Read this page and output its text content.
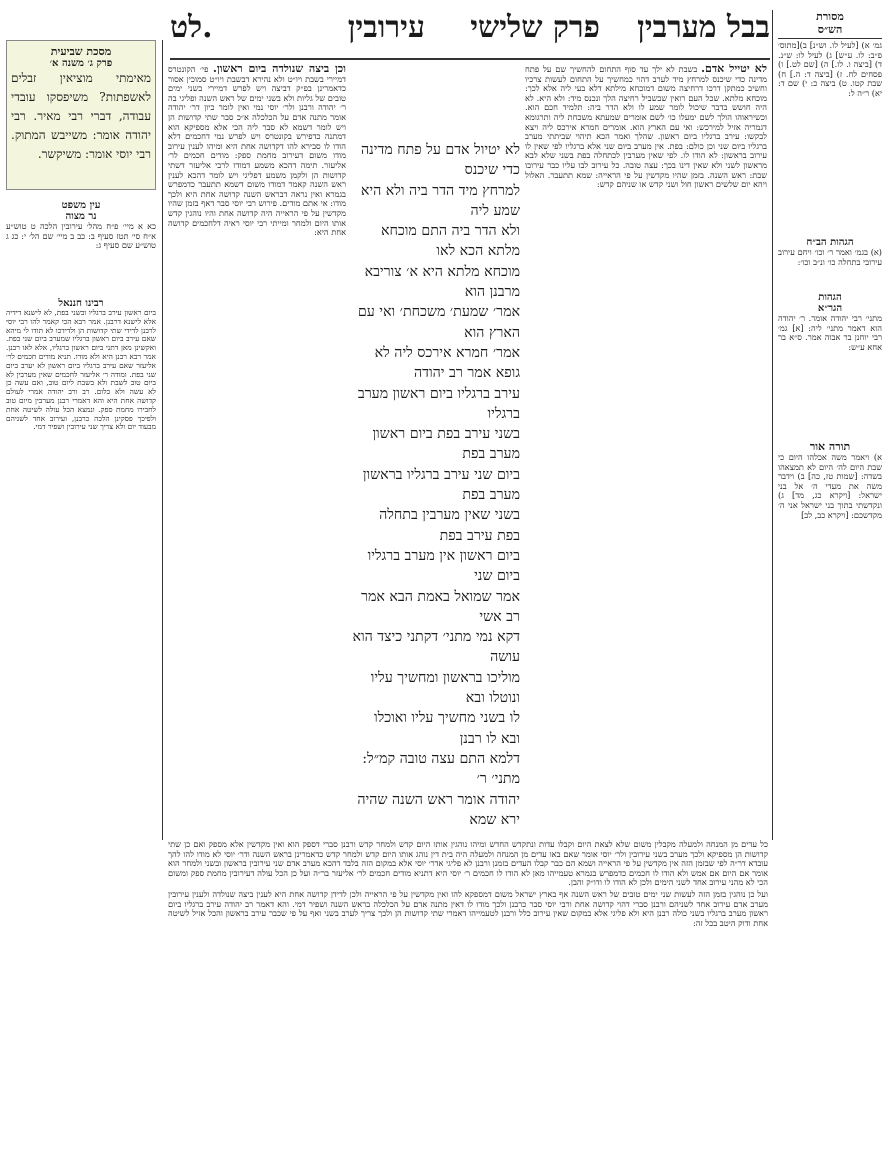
בבל מערבין
פרק שלישי
עירובין
לט.	מסורת
הש״ס

גמ׳ א) [לעיל לו. וש״נ] ב)[מתוס׳ פ״ב: לו. ע״ש] ג) לעיל לו: ש״נ. ד) [ביצה ו. לו.] ה) [שם לט.] ו) פסחים לח. ז) [ביצה ד: ה.] ח) שבת קטו. ט) ביצה כ: י) שם ד: יא) ר״ה ל:

הגהות הב״ח

(א) בגמ׳ ואמר ר׳ וכו׳ ויחם עירוב עירובי בתחלה כו׳ ונ״ב וכו׳:

הגהות
הגר״א

מתני׳ רבי יהודה אומר. ר׳ יהודה הוא דאמר מתני׳ ליה: [א] גמ׳ רבי יוחנן בר אבוה אמר. ס״א בר אחא ע״ש:

תורה אור

א) ויאמר משה אכלהו היום כי שבת היום לה׳ היום לא תמצאהו בשדה: [שמות טז, כה] ב) וידבר משה את מעדי ה׳ אל בני ישראל: [ויקרא כג, מד] ג) ונקדשתי בתוך בני ישראל אני ה׳ מקדשכם: [ויקרא כב, לב]

מסכת שביעית
פרק ג׳ משנה א׳

מאימתי מוציאין זבלים לאשפתות? משיפסקו עובדי עבודה, דברי רבי מאיר. רבי יהודה אומר: משייבש המתוק. רבי יוסי אומר: משיקשר.

עין משפט
נר מצוה

כא א מיי׳ פ״ח מהל׳ עירובין הלכה ט טוש״ע א״ח סי׳ תטז סעיף ב: כב ב מיי׳ שם הל׳ י: כג ג טוש״ע שם סעיף ג:

רבינו חננאל

ביום ראשון עירב ברגליו ובשני בפת, לא לישנא דידיה אלא לישנא דרבנן. אמר רבא הכי קאמר להו רבי יוסי לרבנן לדידי שתי קדושות הן ולדידכו לא תודו לי מיהא שאם עירב ביום ראשון ברגליו שמערב ביום שני בפת. ואקשינן מאן דתני ביום ראשון ברגליו, אלא לאו רבנן. אמר רבא רבנן היא ולא מודו. תניא מודים חכמים לר׳ אליעזר שאם עירב ברגליו ביום ראשון לא יערב ביום שני בפת. ומודה ר׳ אליעזר לחכמים שאין מערבין לא ביום טוב לשבת ולא בשבת ליום טוב, ואם עשה כן לא עשה ולא כלום. רב ורב יהודה אמרי לעולם קדושה אחת היא והא דאמרי רבנן מערבין מיום טוב לחבירו מחמת ספק. ונמצא הכל עולה לשיטה אחת ולפיכך פסקינן הלכה כרבנן, ועירוב אחד לשניהם מבעוד יום ולא צריך שני עירובין ושפיר דמי.

לא יטייל אדם. בשבת לא ילך עד סוף התחום להחשיך שם על פתח מדינה כדי שיכנס למרחץ מיד לערב דהוי כמחשיך על התחום לעשות צרכיו וחשיב כמתקן דרכו דרחיצה משום דמוכחא מילתא דלא בעי ליה אלא לכך: מוכחא מלתא. שכל העם רואין שבשביל רחיצה הלך ונכנס מיד: ולא היא. לא היה חושש בדבר שיכול לומר שמע לו ולא הדר ביה: תלמיד חכם הוא. וכשיראוהו הולך לשם ימעלו כו׳ לשם אומרים שמעתא משכחת ליה ותרגומא דגמריה אזיל למירכש: ואי עם הארץ הוא. אומרים חמרא אירכס ליה ויצא לבקשו: עירב ברגליו ביום ראשון. שהלך ואמר הכא תיהוי שביתתי מערב ברגליו ביום שני וכן כולם: בפת. אין מערב ביום שני אלא ברגליו לפי שאין לו עירוב בראשון: לא הודו לו. לפי שאין מערבין לכתחלה בפת בשני שלא לבא מראשון לשני ולא שאין דינו בכך: עצה טובה. כל עירוב לבו עליו כבר עירובו שבת: ראש השנה. בזמן שהיו מקדשין על פי הראייה: שמא תתעבר. האלול ויהא יום שלשים ראשון חול ושני קדש או שניהם קדש:
וכן ביצה שנולדה ביום ראשון. פי׳ הקונטרס דמיירי בשבת ויו״ט ולא נהירא דבשבת ויו״ט סמוכין אסור כדאמרינן בפ״ק דביצה ויש לפרש דמיירי בשני ימים טובים של גליות ולא בשני ימים של ראש השנה ופליגי בה ר׳ יהודה ורבנן ולר׳ יוסי נמי ואין לומר כיון דר׳ יהודה אומר מתנה אדם על הכלכלה א״כ סבר שתי קדושות הן ויש לומר דשמא לא סבר ליה הכי אלא מספיקא הוא דמתנה כדפירש בקונטרס ויש לפרש נמי דחכמים דלא הודו לו סבירא להו דקדושה אחת היא ומיהו לענין עירוב מודו משום דעירוב מחמת ספק: מודים חכמים לר׳ אליעזר. תימה דהכא משמע דמודו לרבי אליעזר דשתי קדושות הן ולקמן משמע דפליגי ויש לומר דהכא לענין ראש השנה קאמר דמודו משום דשמא תתעבר כדמפרש בגמרא ואין נראה דבראש השנה קדושה אחת היא ולכך מודו: אי אתם מודים. פירוש רבי יוסי סבר דאף בזמן שהיו מקדשין על פי הראייה היה קדושה אחת והיו נוהגין קדש אותו היום ולמחר ומייתי רבי יוסי ראיה דלחכמים קדושה אחת היא:
לא יטיול אדם על פתח מדינה כדי שיכנס
למרחץ מיד הדר ביה ולא היא שמע ליה
ולא הדר ביה התם מוכחא מלתא הכא לאו
מוכחא מלתא היא א׳ צוריבא מרבנן הוא
אמר׳ שמעת׳ משכחת׳ ואי עם הארץ הוא
אמר׳ חמרא אירכס ליה לא גופא אמר רב יהודה
עירב ברגליו ביום ראשון מערב ברגליו
בשני עירב בפת ביום ראשון מערב בפת
ביום שני עירב ברגליו בראשון מערב בפת
בשני שאין מערבין בתחלה בפת עירב בפת
ביום ראשון אין מערב ברגליו ביום שני
אמר שמואל באמת הבא אמר רב אשי
דקא נמי מתני׳ דקתני כיצד הוא עושה
מוליכו בראשון ומחשיך עליו ונוטלו ובא
לו בשני מחשיך עליו ואוכלו ובא לו רבנן
דלמא התם עצה טובה קמ״ל: מתני׳ ר׳
יהודה אומר ראש השנה שהיה ירא שמא

כל עדים מן המנחה ולמעלה מקבלין משום שלא לצאת היום וקבלו עדות ונתקדש החדש ומיהו נוהגין אותו היום קדש ולמחר קדש ורבנן סברי דספק הוא ואין מקדשין אלא מספק ואם כן שתי קדושות הן מספיקא ולכך מערב בשני עירובין ולר׳ יוסי אומר שאם באו עדים מן המנחה ולמעלה היה בית דין נוהג אותו היום קדש ולמחר קדש כדאמרינן בראש השנה ודר׳ יוסי לא מודו להו להך עובדא דר״ה לפי שבזמן הזה אין מקדשין על פי הראייה ושמא הם כבר קבלו העדים בזמנן ורבנן לא פליגי אדר׳ יוסי אלא במקום הזה בלבד דהכא מערב אדם שני עירובין בראשון ובשני ולמחר הוא אומר אם היום אם אמש ולא הודו לו חכמים כדמפרש בגמרא טעמייהו מאן לא הודו לו חכמים ר׳ יוסי היא דתניא מודים חכמים לר׳ אליעזר בר״ה ועל כן הכל עולה דעירובין מחמת ספק ומשום הכי לא מהני עירוב אחד לשני הימים ולכן לא הודו לו ודו״ק והבן.

ועל כן נוהגין בזמן הזה לעשות שני ימים טובים של ראש השנה אף בארץ ישראל משום דמספקא להו ואין מקדשין על פי הראייה ולכן לדידן קדושה אחת היא לענין ביצה שנולדה ולענין עירובין מערב אדם עירוב אחד לשניהם ורבנן סברי דהוי קדושה אחת ורבי יוסי סבר כרבנן ולכך מודו לו דאין מתנה אדם על הכלכלה בראש השנה ושפיר דמי. והא דאמר רב יהודה עירב ברגליו ביום ראשון מערב ברגליו בשני כולה רבנן היא ולא פליגי אלא במקום שאין עירוב כלל ורבנן לטעמייהו דאמרי שתי קדושות הן ולכך צריך לערב בשני ואף על פי שכבר עירב בראשון והכל אזיל לשיטה אחת ודוק היטב בכל זה:
